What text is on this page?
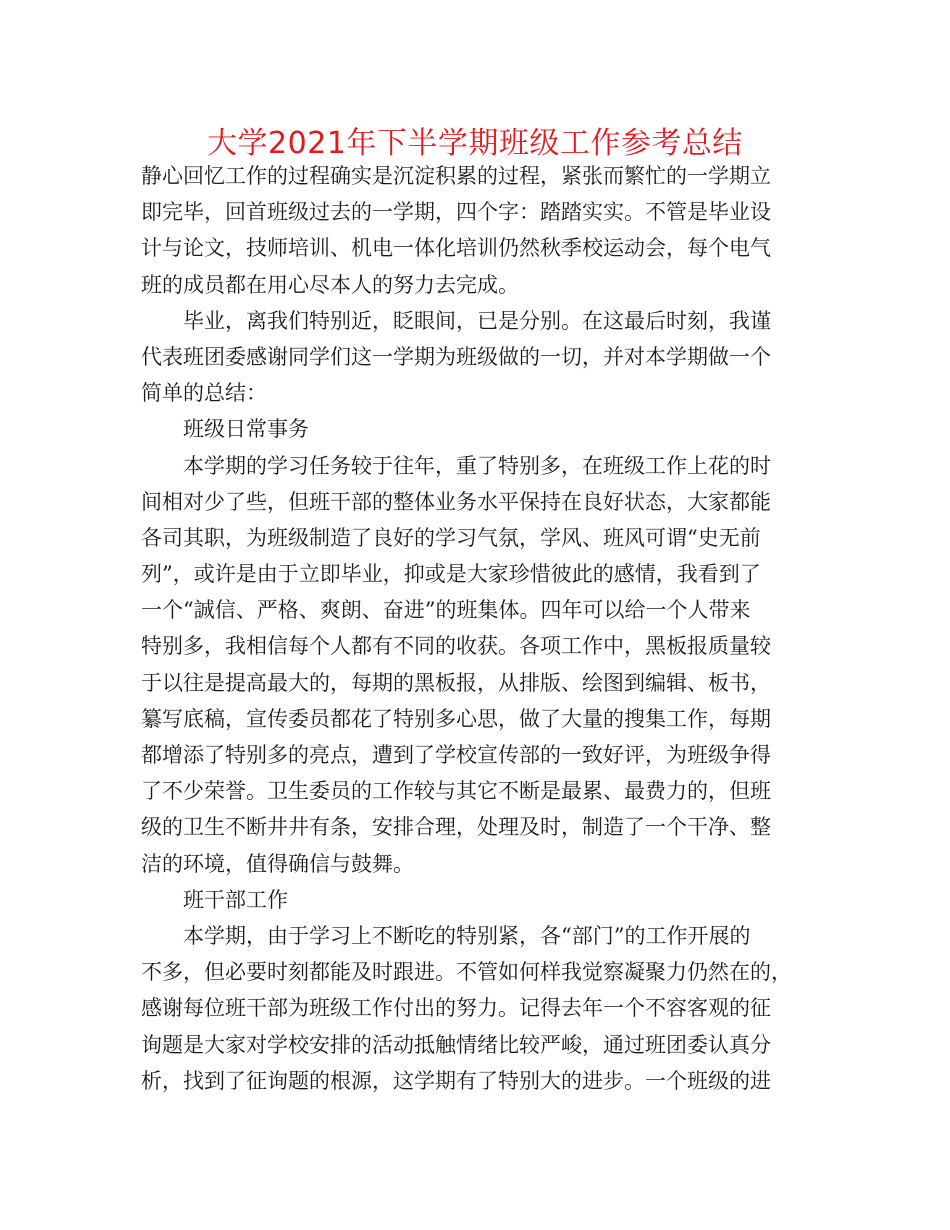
大学2021年下半学期班级工作参考总结
静心回忆工作的过程确实是沉淀积累的过程，紧张而繁忙的一学期立
即完毕，回首班级过去的一学期，四个字：踏踏实实。不管是毕业设
计与论文，技师培训、机电一体化培训仍然秋季校运动会，每个电气
班的成员都在用心尽本人的努力去完成。
毕业，离我们特别近，眨眼间，已是分别。在这最后时刻，我谨
代表班团委感谢同学们这一学期为班级做的一切，并对本学期做一个
简单的总结：
班级日常事务
本学期的学习任务较于往年，重了特别多，在班级工作上花的时
间相对少了些，但班干部的整体业务水平保持在良好状态，大家都能
各司其职，为班级制造了良好的学习气氛，学风、班风可谓“史无前
列”，或许是由于立即毕业，抑或是大家珍惜彼此的感情，我看到了
一个“誠信、严格、爽朗、奋进”的班集体。四年可以给一个人带来
特别多，我相信每个人都有不同的收获。各项工作中，黑板报质量较
于以往是提高最大的，每期的黑板报，从排版、绘图到编辑、板书，
纂写底稿，宣传委员都花了特别多心思，做了大量的搜集工作，每期
都增添了特别多的亮点，遭到了学校宣传部的一致好评，为班级争得
了不少荣誉。卫生委员的工作较与其它不断是最累、最费力的，但班
级的卫生不断井井有条，安排合理，处理及时，制造了一个干净、整
洁的环境，值得确信与鼓舞。
班干部工作
本学期，由于学习上不断吃的特别紧，各“部门”的工作开展的
不多，但必要时刻都能及时跟进。不管如何样我觉察凝聚力仍然在的，
感谢每位班干部为班级工作付出的努力。记得去年一个不容客观的征
询题是大家对学校安排的活动抵触情绪比较严峻，通过班团委认真分
析，找到了征询题的根源，这学期有了特别大的进步。一个班级的进
